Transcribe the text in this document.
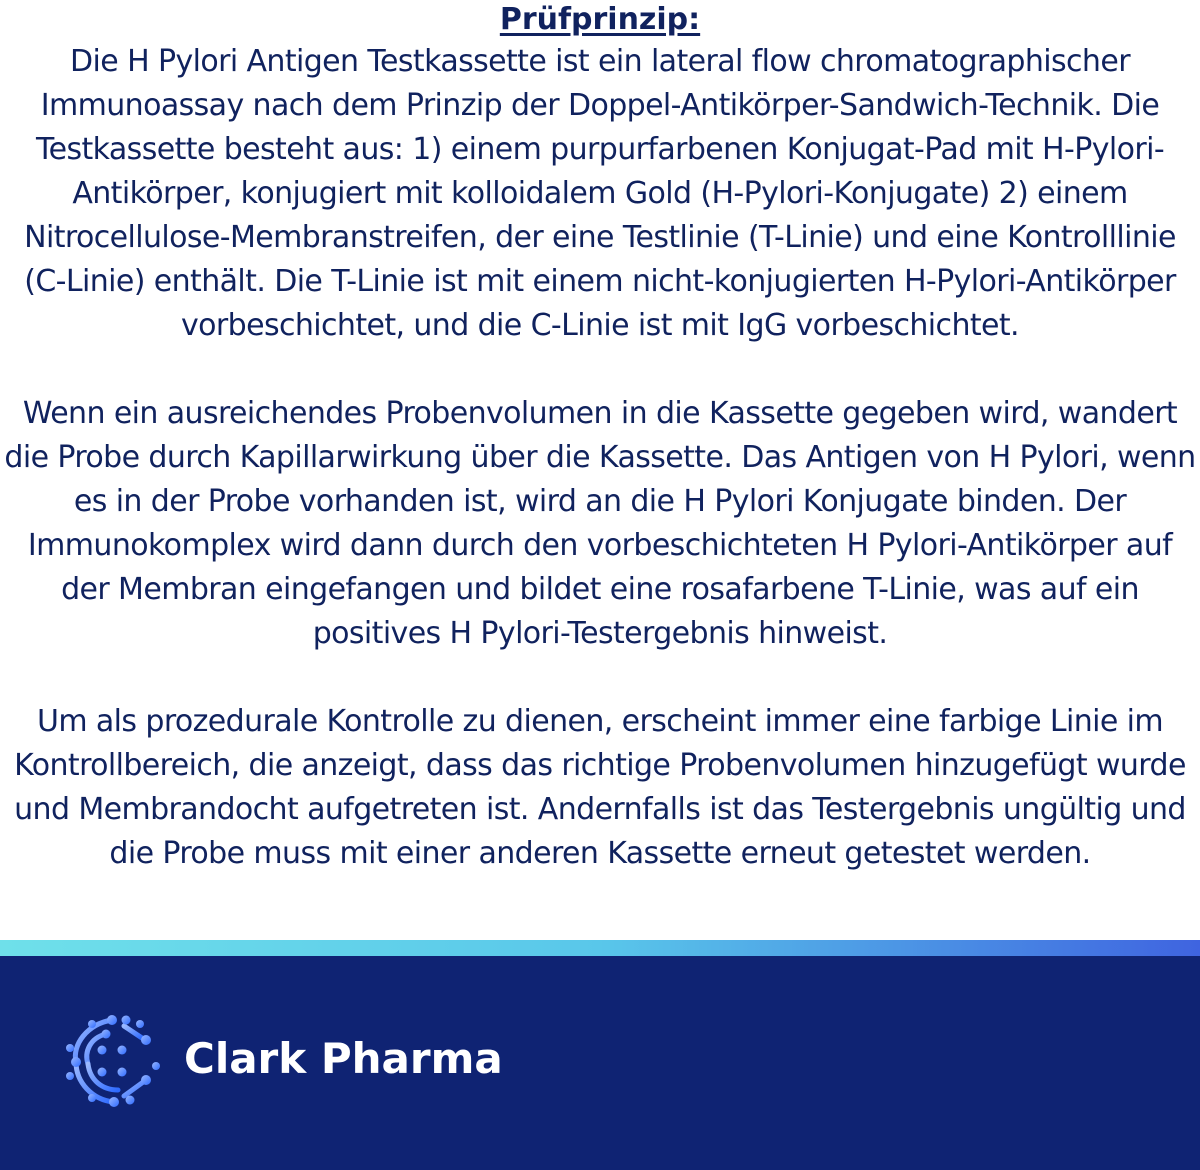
Prüfprinzip:

Die H Pylori Antigen Testkassette ist ein lateral flow chromatographischer Immunoassay nach dem Prinzip der Doppel-Antikörper-Sandwich-Technik. Die Testkassette besteht aus: 1) einem purpurfarbenen Konjugat-Pad mit H-Pylori-Antikörper, konjugiert mit kolloidalem Gold (H-Pylori-Konjugate) 2) einem Nitrocellulose-Membranstreifen, der eine Testlinie (T-Linie) und eine Kontrolllinie (C-Linie) enthält. Die T-Linie ist mit einem nicht-konjugierten H-Pylori-Antikörper vorbeschichtet, und die C-Linie ist mit IgG vorbeschichtet.

Wenn ein ausreichendes Probenvolumen in die Kassette gegeben wird, wandert die Probe durch Kapillarwirkung über die Kassette. Das Antigen von H Pylori, wenn es in der Probe vorhanden ist, wird an die H Pylori Konjugate binden. Der Immunokomplex wird dann durch den vorbeschichteten H Pylori-Antikörper auf der Membran eingefangen und bildet eine rosafarbene T-Linie, was auf ein positives H Pylori-Testergebnis hinweist.

Um als prozedurale Kontrolle zu dienen, erscheint immer eine farbige Linie im Kontrollbereich, die anzeigt, dass das richtige Probenvolumen hinzugefügt wurde und Membrandocht aufgetreten ist. Andernfalls ist das Testergebnis ungültig und die Probe muss mit einer anderen Kassette erneut getestet werden.

Clark Pharma
